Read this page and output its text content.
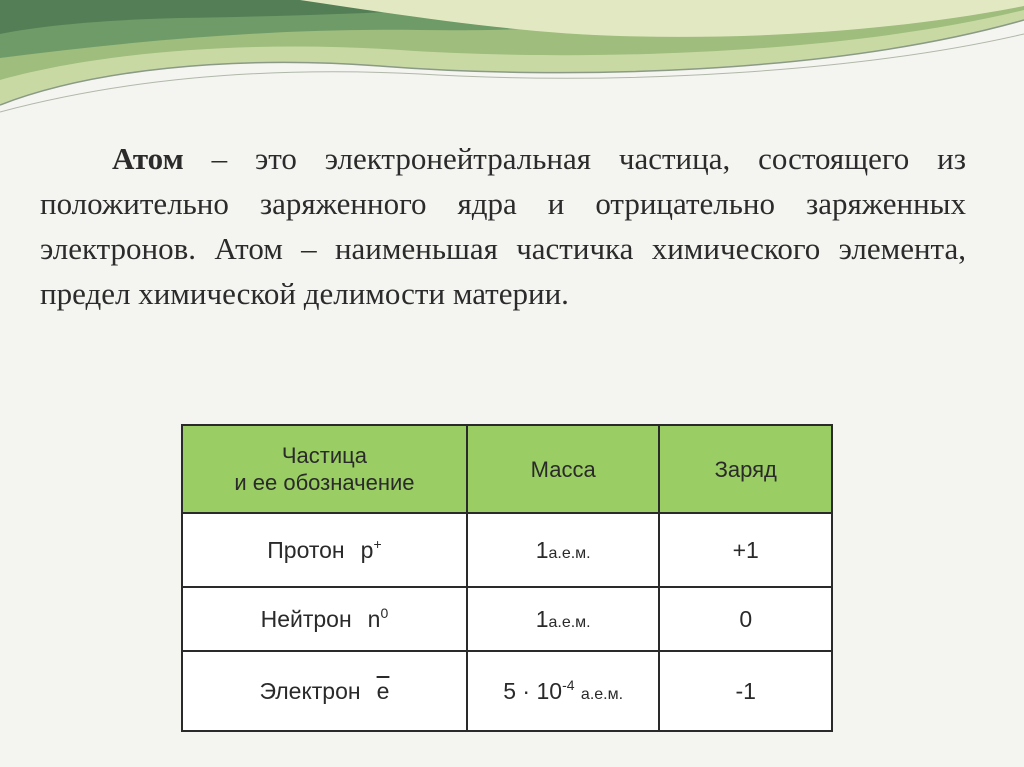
Атом – это электронейтральная частица, состоящего из положительно заряженного ядра и отрицательно заряженных электронов. Атом – наименьшая частичка химического элемента, предел химической делимости материи.

Частица
и ее обозначение	Масса	Заряд
Протон p+	1а.е.м.	+1
Нейтрон $n^0$	1а.е.м.	0
Электрон $\overline{e}$	$5 \cdot 10^{-4}$ а.е.м.	-1
